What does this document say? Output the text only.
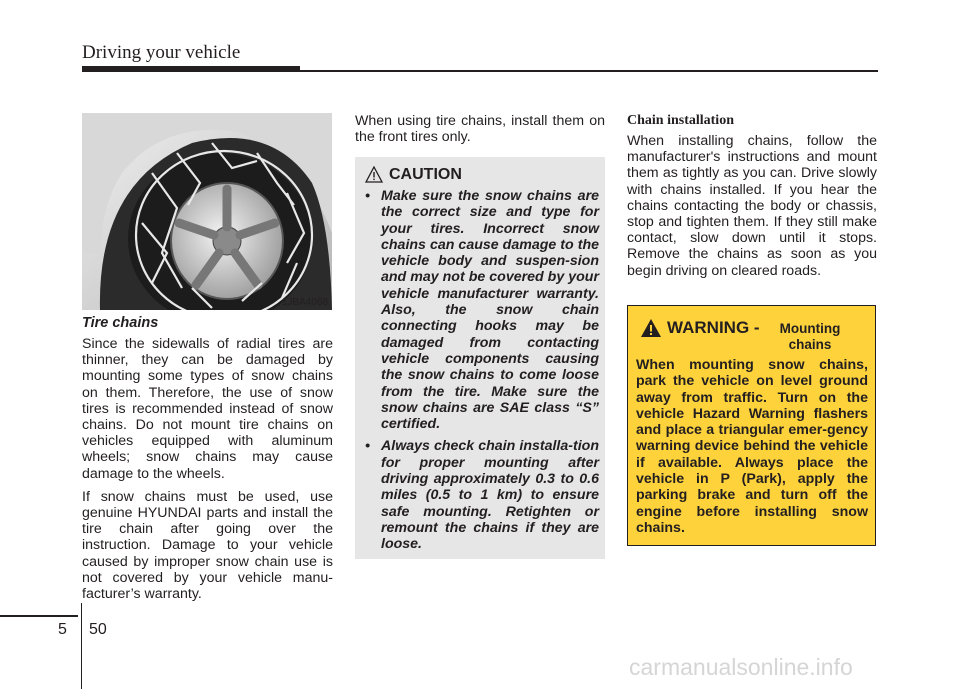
Driving your vehicle
1JBA4068
Tire chains

Since the sidewalls of radial tires are thinner, they can be damaged by mounting some types of snow chains on them. Therefore, the use of snow tires is recommended instead of snow chains. Do not mount tire chains on vehicles equipped with aluminum wheels; snow chains may cause damage to the wheels.

If snow chains must be used, use genuine HYUNDAI parts and install the tire chain after going over the instruction. Damage to your vehicle caused by improper snow chain use is not covered by your vehicle manu-facturer’s warranty.

When using tire chains, install them on the front tires only.

CAUTION
• Make sure the snow chains are the correct size and type for your tires. Incorrect snow chains can cause damage to the vehicle body and suspen-sion and may not be covered by your vehicle manufacturer warranty. Also, the snow chain connecting hooks may be damaged from contacting vehicle components causing the snow chains to come loose from the tire. Make sure the snow chains are SAE class “S” certified.
• Always check chain installa-tion for proper mounting after driving approximately 0.3 to 0.6 miles (0.5 to 1 km) to ensure safe mounting. Retighten or remount the chains if they are loose.
Chain installation

When installing chains, follow the manufacturer's instructions and mount them as tightly as you can. Drive slowly with chains installed. If you hear the chains contacting the body or chassis, stop and tighten them. If they still make contact, slow down until it stops. Remove the chains as soon as you begin driving on cleared roads.

WARNING -	Mounting chains
When mounting snow chains, park the vehicle on level ground away from traffic. Turn on the vehicle Hazard Warning flashers and place a triangular emer-gency warning device behind the vehicle if available. Always place the vehicle in P (Park), apply the parking brake and turn off the engine before installing snow chains.
5 50
carmanualsonline.info
